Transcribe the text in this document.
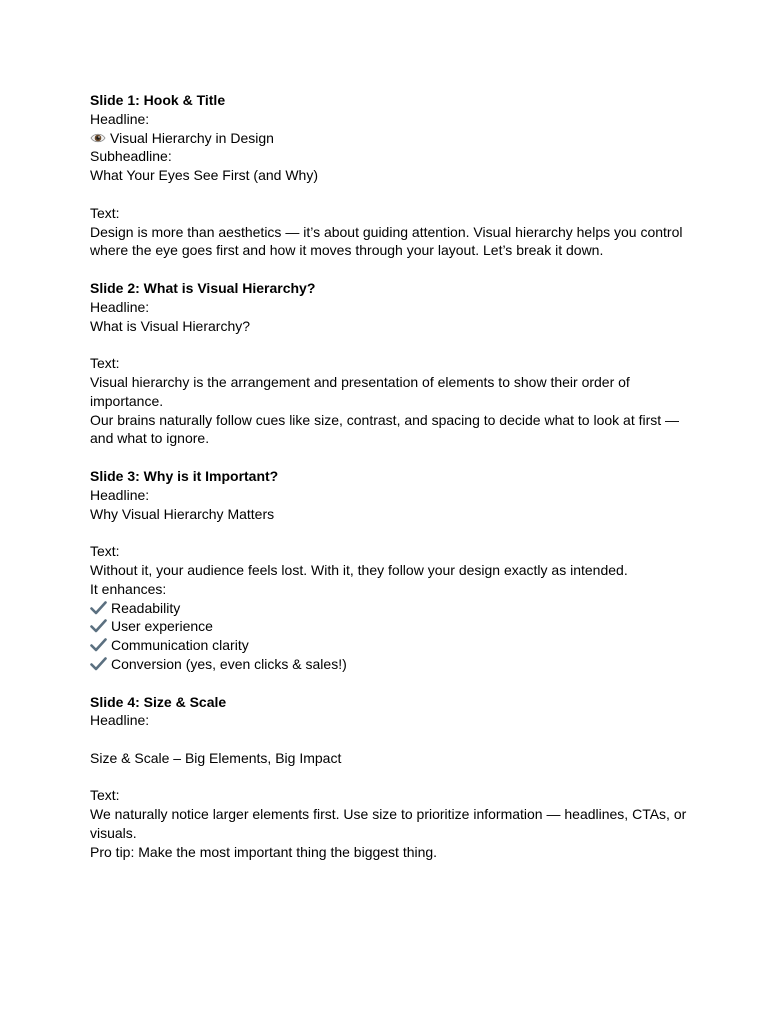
Slide 1: Hook & Title
Headline:
Visual Hierarchy in Design
Subheadline:
What Your Eyes See First (and Why)
Text:
Design is more than aesthetics — it’s about guiding attention. Visual hierarchy helps you control where the eye goes first and how it moves through your layout. Let’s break it down.
Slide 2: What is Visual Hierarchy?
Headline:
What is Visual Hierarchy?
Text:
Visual hierarchy is the arrangement and presentation of elements to show their order of importance.
Our brains naturally follow cues like size, contrast, and spacing to decide what to look at first — and what to ignore.
Slide 3: Why is it Important?
Headline:
Why Visual Hierarchy Matters
Text:
Without it, your audience feels lost. With it, they follow your design exactly as intended.
It enhances:
Readability
User experience
Communication clarity
Conversion (yes, even clicks & sales!)
Slide 4: Size & Scale
Headline:
Size & Scale – Big Elements, Big Impact
Text:
We naturally notice larger elements first. Use size to prioritize information — headlines, CTAs, or visuals.
Pro tip: Make the most important thing the biggest thing.
